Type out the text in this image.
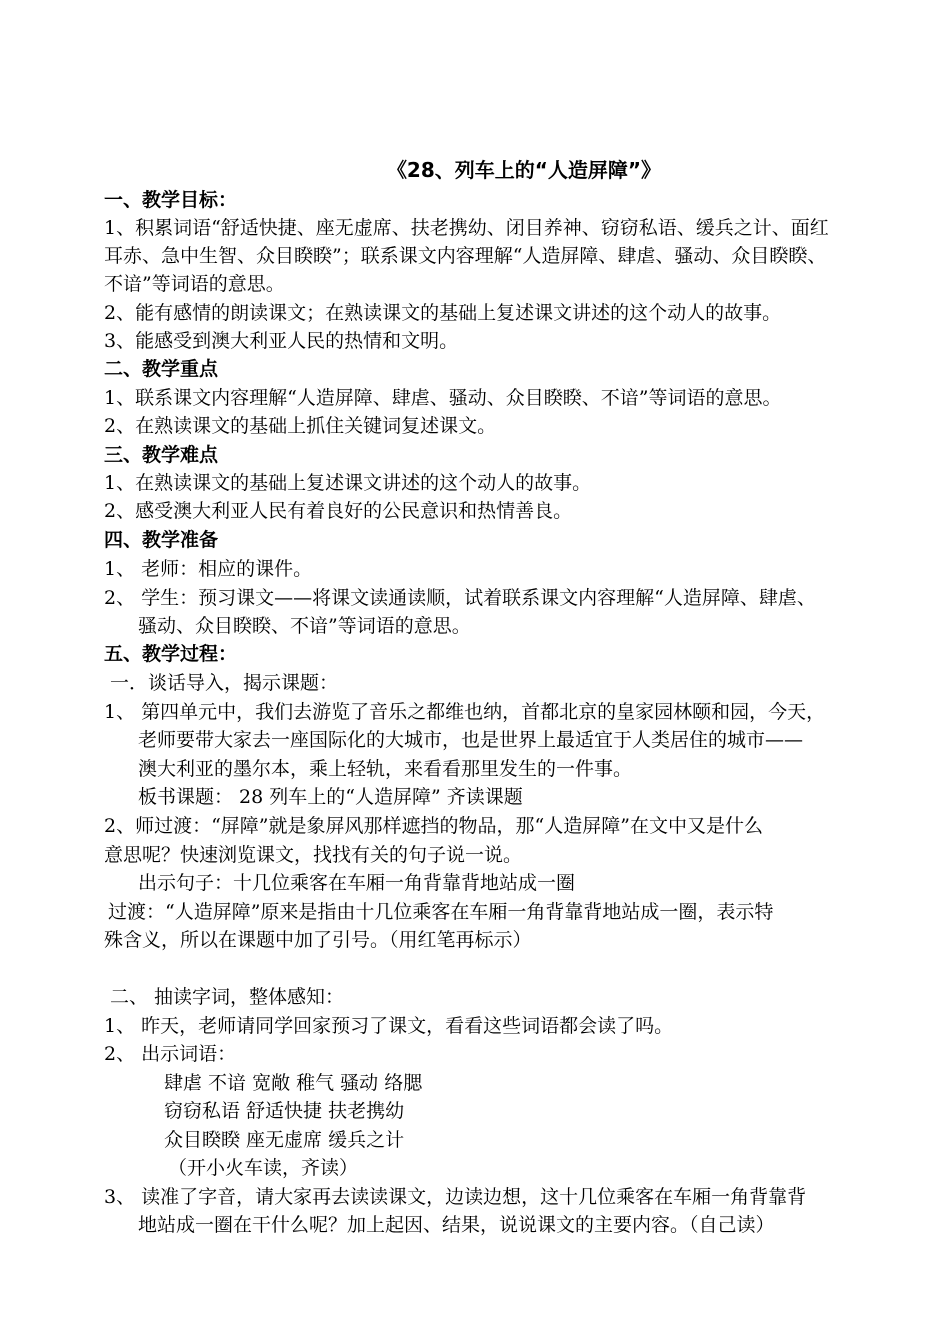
《28、列车上的“人造屏障”》
一、教学目标：
1、积累词语“舒适快捷、座无虚席、扶老携幼、闭目养神、窃窃私语、缓兵之计、面红
耳赤、急中生智、众目睽睽”；联系课文内容理解“人造屏障、肆虐、骚动、众目睽睽、
不谙”等词语的意思。
2、能有感情的朗读课文；在熟读课文的基础上复述课文讲述的这个动人的故事。
3、能感受到澳大利亚人民的热情和文明。
二、教学重点
1、联系课文内容理解“人造屏障、肆虐、骚动、众目睽睽、不谙”等词语的意思。
2、在熟读课文的基础上抓住关键词复述课文。
三、教学难点
1、在熟读课文的基础上复述课文讲述的这个动人的故事。
2、感受澳大利亚人民有着良好的公民意识和热情善良。
四、教学准备
1、 老师：相应的课件。
2、 学生：预习课文——将课文读通读顺，试着联系课文内容理解“人造屏障、肆虐、
骚动、众目睽睽、不谙”等词语的意思。
五、教学过程：
一．谈话导入，揭示课题：
1、 第四单元中，我们去游览了音乐之都维也纳，首都北京的皇家园林颐和园，今天，
老师要带大家去一座国际化的大城市，也是世界上最适宜于人类居住的城市——
澳大利亚的墨尔本，乘上轻轨，来看看那里发生的一件事。
板书课题： 28 列车上的“人造屏障” 齐读课题
2、师过渡：“屏障”就是象屏风那样遮挡的物品，那“人造屏障”在文中又是什么
意思呢？快速浏览课文，找找有关的句子说一说。
出示句子：十几位乘客在车厢一角背靠背地站成一圈
过渡：“人造屏障”原来是指由十几位乘客在车厢一角背靠背地站成一圈，表示特
殊含义，所以在课题中加了引号。（用红笔再标示）
二、 抽读字词，整体感知：
1、 昨天，老师请同学回家预习了课文，看看这些词语都会读了吗。
2、 出示词语：
肆虐 不谙 宽敞 稚气 骚动 络腮
窃窃私语 舒适快捷 扶老携幼
众目睽睽 座无虚席 缓兵之计
（开小火车读，齐读）
3、 读准了字音，请大家再去读读课文，边读边想，这十几位乘客在车厢一角背靠背
地站成一圈在干什么呢？加上起因、结果，说说课文的主要内容。（自己读）
